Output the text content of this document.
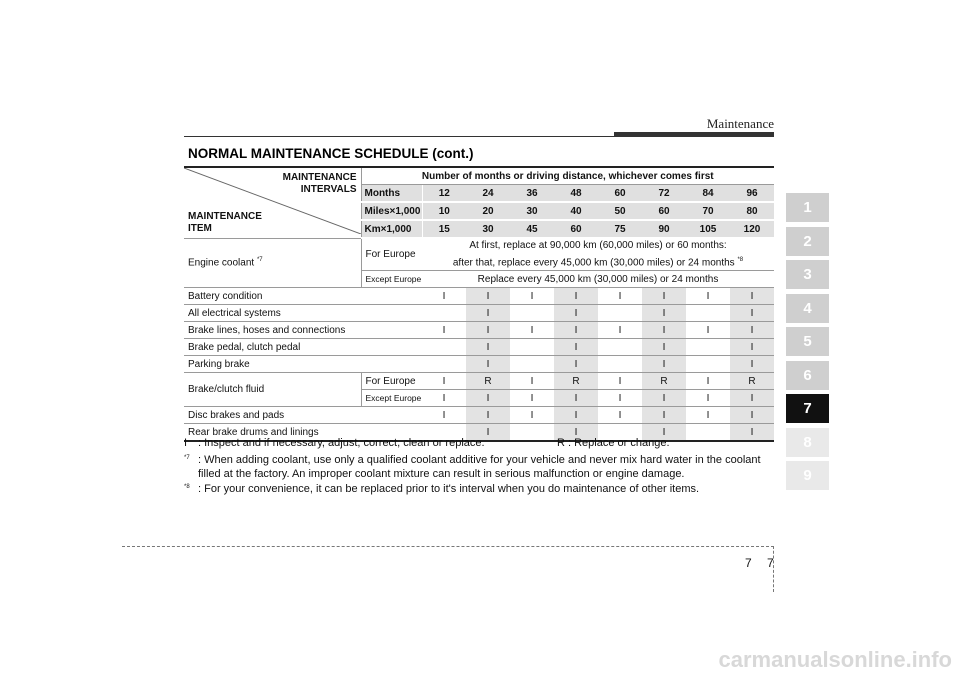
Maintenance
NORMAL MAINTENANCE SCHEDULE (cont.)
1
2
3
4
5
6
7
8
9
MAINTENANCE
INTERVALS
MAINTENANCE
ITEM	Number of months or driving distance, whichever comes first								
	Months	12	24	36	48	60	72	84	96
	Miles×1,000	10	20	30	40	50	60	70	80
	Km×1,000	15	30	45	60	75	90	105	120
Engine coolant $^{*7}$	For Europe	At first, replace at 90,000 km (60,000 miles) or 60 months:
after that, replace every 45,000 km (30,000 miles) or 24 months $^{*8}$
	Except Europe	Replace every 45,000 km (30,000 miles) or 24 months							
Battery condition		I	I	I	I	I	I	I	I
All electrical systems			I		I		I		I
Brake lines, hoses and connections		I	I	I	I	I	I	I	I
Brake pedal, clutch pedal			I		I		I		I
Parking brake			I		I		I		I
Brake/clutch fluid	For Europe	I	R	I	R	I	R	I	R
	Except Europe	I	I	I	I	I	I	I	I
Disc brakes and pads		I	I	I	I	I	I	I	I
Rear brake drums and linings			I		I		I		I
I : Inspect and if necessary, adjust, correct, clean or replace.	R : Replace or change.
*7 : When adding coolant, use only a qualified coolant additive for your vehicle and never mix hard water in the coolant filled at the factory. An improper coolant mixture can result in serious malfunction or engine damage.
*8 : For your convenience, it can be replaced prior to it's interval when you do maintenance of other items.
7 7
carmanualsonline.info
